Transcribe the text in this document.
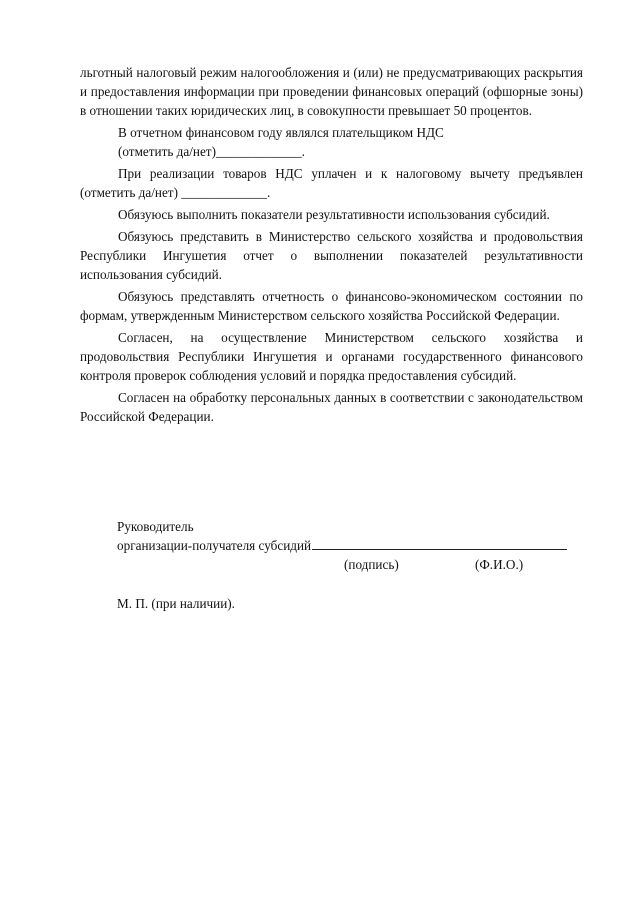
льготный налоговый режим налогообложения и (или) не предусматривающих раскрытия и предоставления информации при проведении финансовых операций (офшорные зоны) в отношении таких юридических лиц, в совокупности превышает 50 процентов.

В отчетном финансовом году являлся плательщиком НДС

(отметить да/нет)_____________.

При реализации товаров НДС уплачен и к налоговому вычету предъявлен (отметить да/нет) _____________.

Обязуюсь выполнить показатели результативности использования субсидий.

Обязуюсь представить в Министерство сельского хозяйства и продовольствия Республики Ингушетия отчет о выполнении показателей результативности использования субсидий.

Обязуюсь представлять отчетность о финансово-экономическом состоянии по формам, утвержденным Министерством сельского хозяйства Российской Федерации.

Согласен, на осуществление Министерством сельского хозяйства и продовольствия Республики Ингушетия и органами государственного финансового контроля проверок соблюдения условий и порядка предоставления субсидий.

Согласен на обработку персональных данных в соответствии с законодательством Российской Федерации.

Руководитель
организации-получателя субсидий
(подпись)	(Ф.И.О.)
М. П. (при наличии).
